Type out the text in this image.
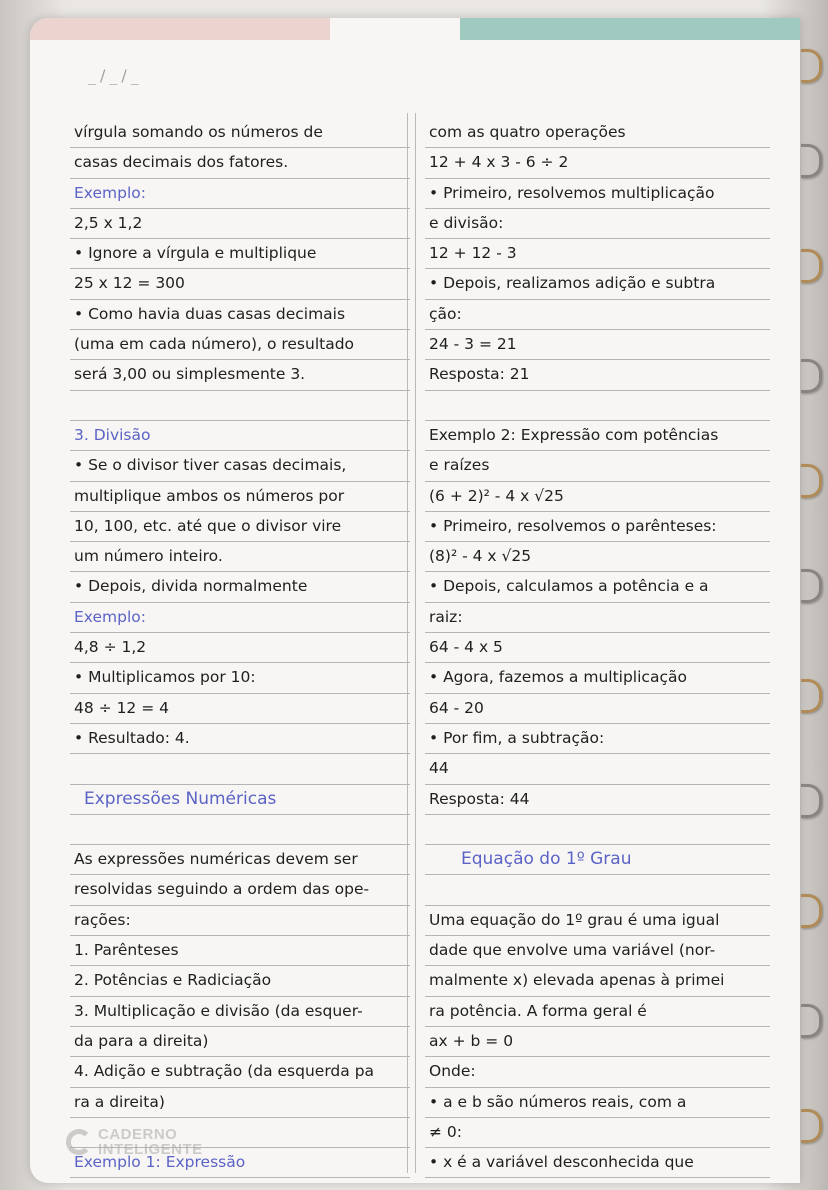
_/_/_
vírgula somando os números de
casas decimais dos fatores.
Exemplo:
2,5 x 1,2
• Ignore a vírgula e multiplique
25 x 12 = 300
• Como havia duas casas decimais
(uma em cada número), o resultado
será 3,00 ou simplesmente 3.
3. Divisão
• Se o divisor tiver casas decimais,
multiplique ambos os números por
10, 100, etc. até que o divisor vire
um número inteiro.
• Depois, divida normalmente
Exemplo:
4,8 ÷ 1,2
• Multiplicamos por 10:
48 ÷ 12 = 4
• Resultado: 4.
Expressões Numéricas
As expressões numéricas devem ser
resolvidas seguindo a ordem das ope-
rações:
1. Parênteses
2. Potências e Radiciação
3. Multiplicação e divisão (da esquer-
da para a direita)
4. Adição e subtração (da esquerda pa
ra a direita)
Exemplo 1: Expressão
com as quatro operações
12 + 4 x 3 - 6 ÷ 2
• Primeiro, resolvemos multiplicação
e divisão:
12 + 12 - 3
• Depois, realizamos adição e subtra
ção:
24 - 3 = 21
Resposta: 21
Exemplo 2: Expressão com potências
e raízes
(6 + 2)² - 4 x √25
• Primeiro, resolvemos o parênteses:
(8)² - 4 x √25
• Depois, calculamos a potência e a
raiz:
64 - 4 x 5
• Agora, fazemos a multiplicação
64 - 20
• Por fim, a subtração:
44
Resposta: 44
Equação do 1º Grau
Uma equação do 1º grau é uma igual
dade que envolve uma variável (nor-
malmente x) elevada apenas à primei
ra potência. A forma geral é
ax + b = 0
Onde:
• a e b são números reais, com a
≠ 0:
• x é a variável desconhecida que
CADERNO
INTELIGENTE
